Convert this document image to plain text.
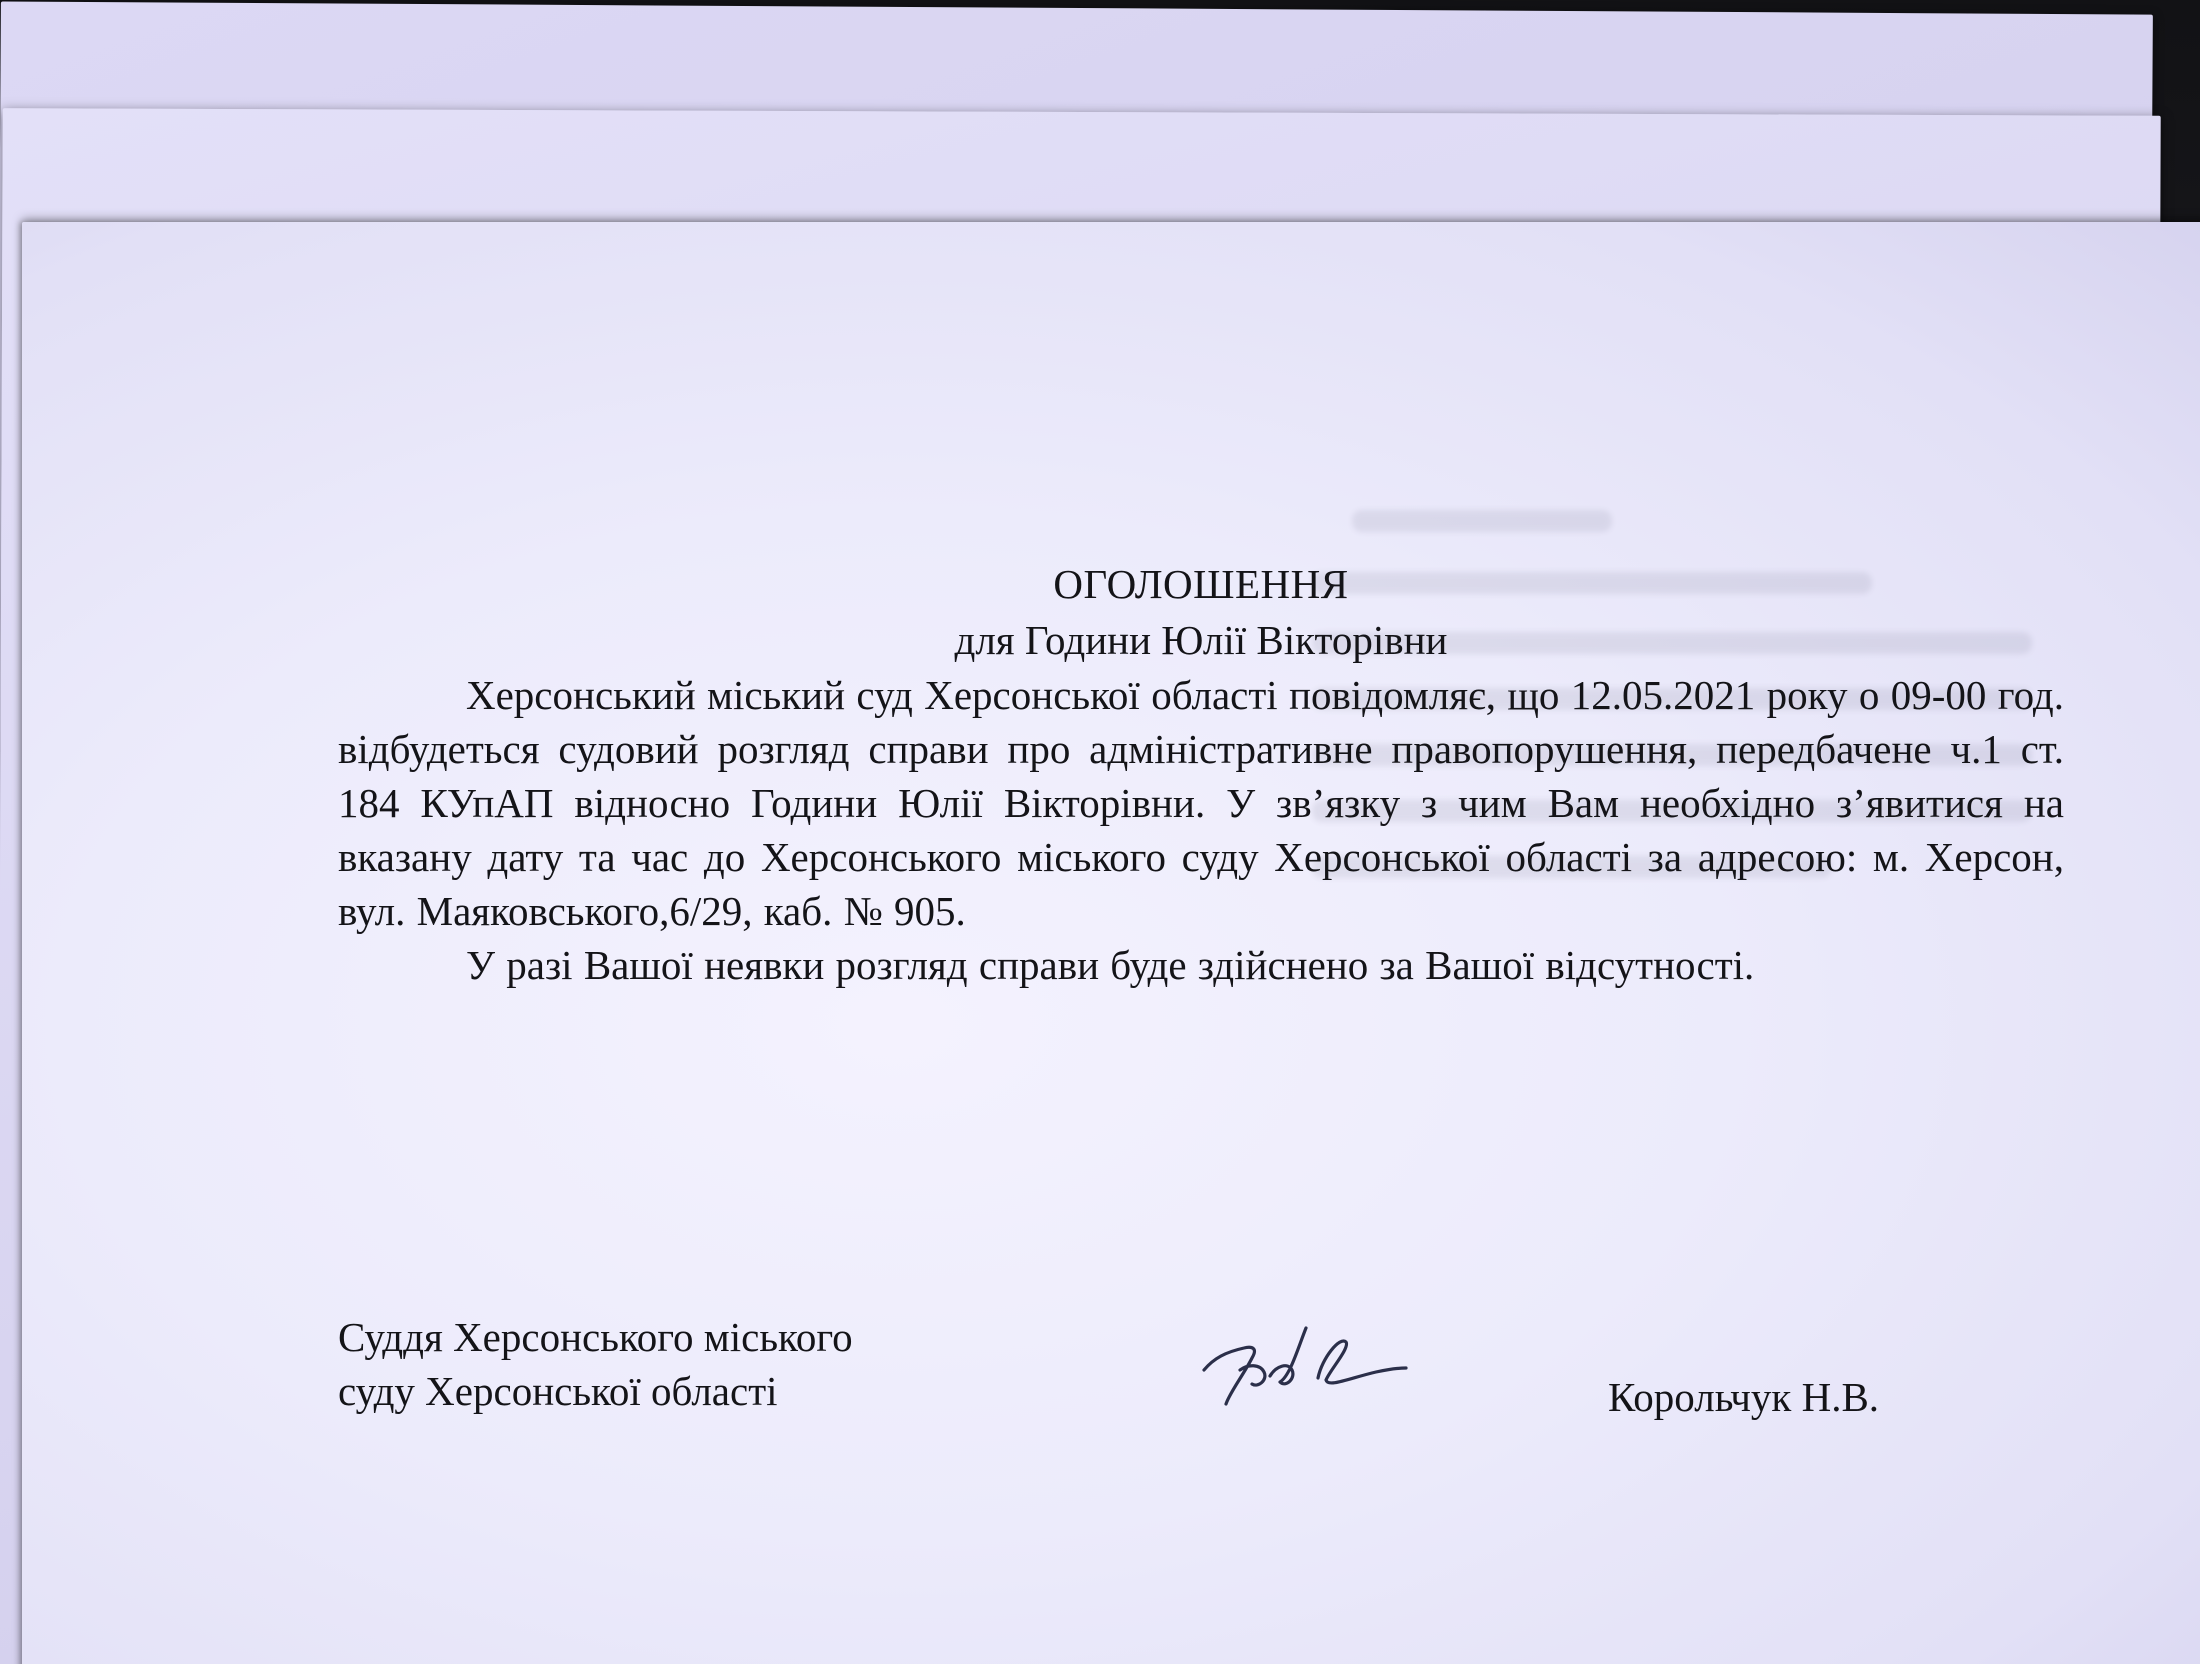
ОГОЛОШЕННЯ

для Години Юлії Вікторівни

Херсонський міський суд Херсонської області повідомляє, що 12.05.2021 року о 09-00 год. відбудеться судовий розгляд справи про адміністративне правопорушення, передбачене ч.1 ст. 184 КУпАП відносно Години Юлії Вікторівни. У зв’язку з чим Вам необхідно з’явитися на вказану дату та час до Херсонського міського суду Херсонської області за адресою: м. Херсон, вул. Маяковського,6/29, каб. № 905.

У разі Вашої неявки розгляд справи буде здійснено за Вашої відсутності.

Суддя Херсонського міського
суду Херсонської області	Корольчук Н.В.
